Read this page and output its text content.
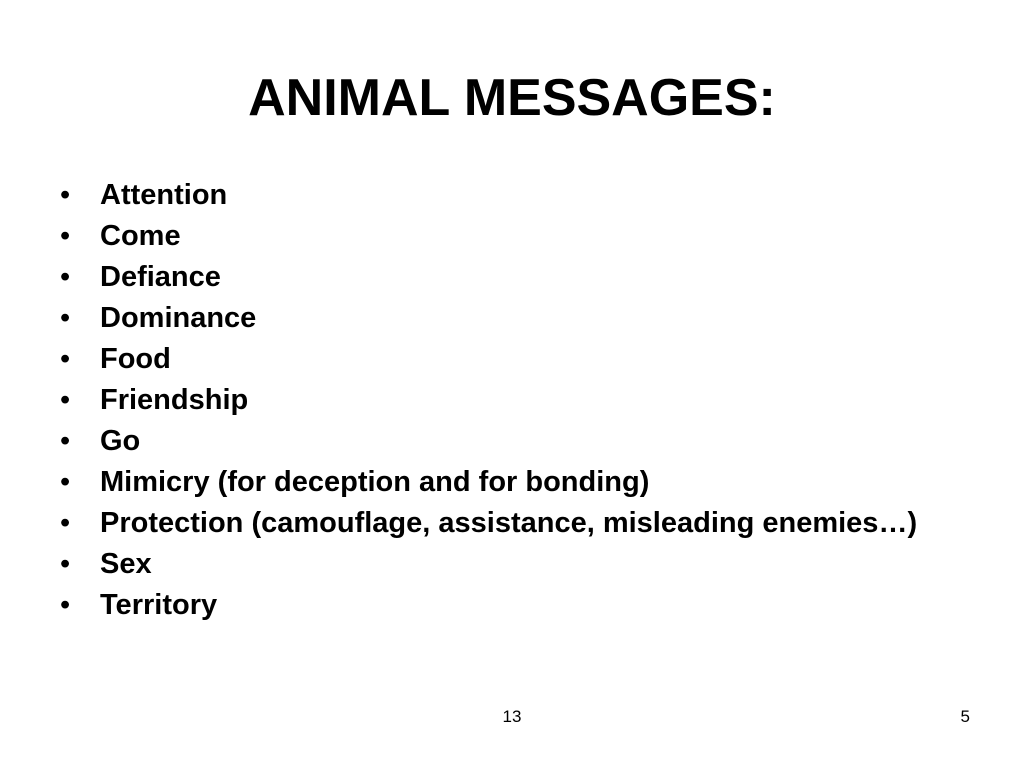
ANIMAL MESSAGES:
•	Attention
•	Come
•	Defiance
•	Dominance
•	Food
•	Friendship
•	Go
•	Mimicry (for deception and for bonding)
•	Protection (camouflage, assistance, misleading enemies…)
•	Sex
•	Territory
13	5
